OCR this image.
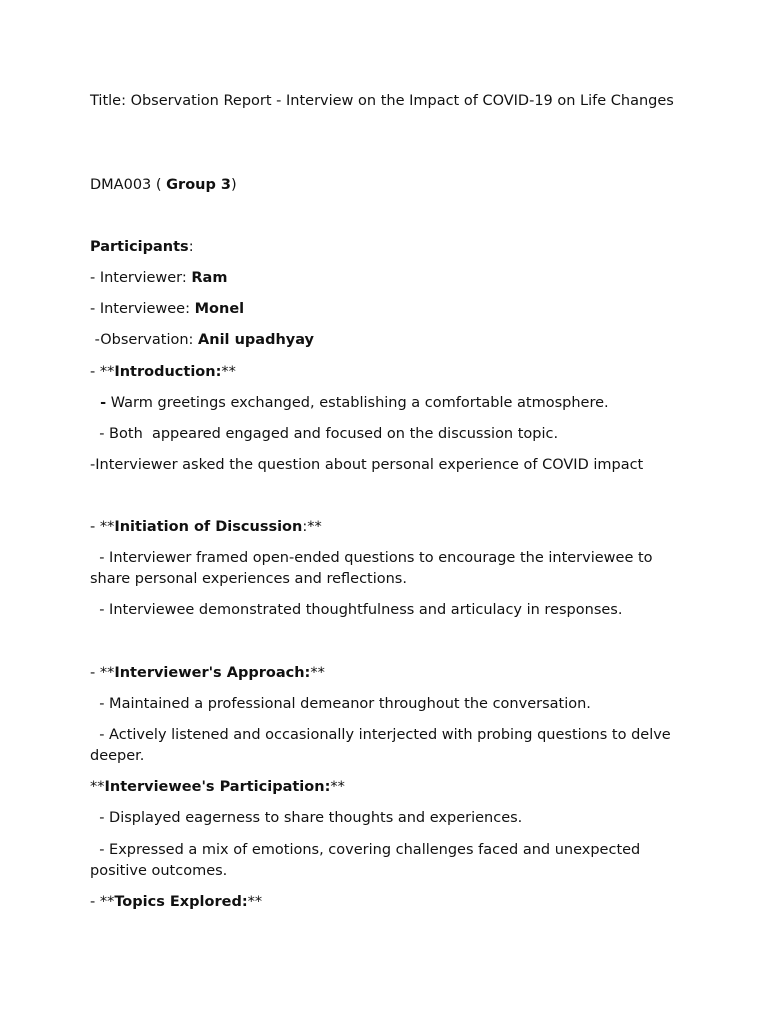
Title: Observation Report - Interview on the Impact of COVID-19 on Life Changes
DMA003 ( Group 3)
Participants:
- Interviewer: Ram
- Interviewee: Monel
-Observation: Anil upadhyay
- **Introduction:**
- Warm greetings exchanged, establishing a comfortable atmosphere.
- Both  appeared engaged and focused on the discussion topic.
-Interviewer asked the question about personal experience of COVID impact
- **Initiation of Discussion:**
- Interviewer framed open-ended questions to encourage the interviewee to share personal experiences and reflections.
- Interviewee demonstrated thoughtfulness and articulacy in responses.
- **Interviewer's Approach:**
- Maintained a professional demeanor throughout the conversation.
- Actively listened and occasionally interjected with probing questions to delve deeper.
**Interviewee's Participation:**
- Displayed eagerness to share thoughts and experiences.
- Expressed a mix of emotions, covering challenges faced and unexpected positive outcomes.
- **Topics Explored:**
